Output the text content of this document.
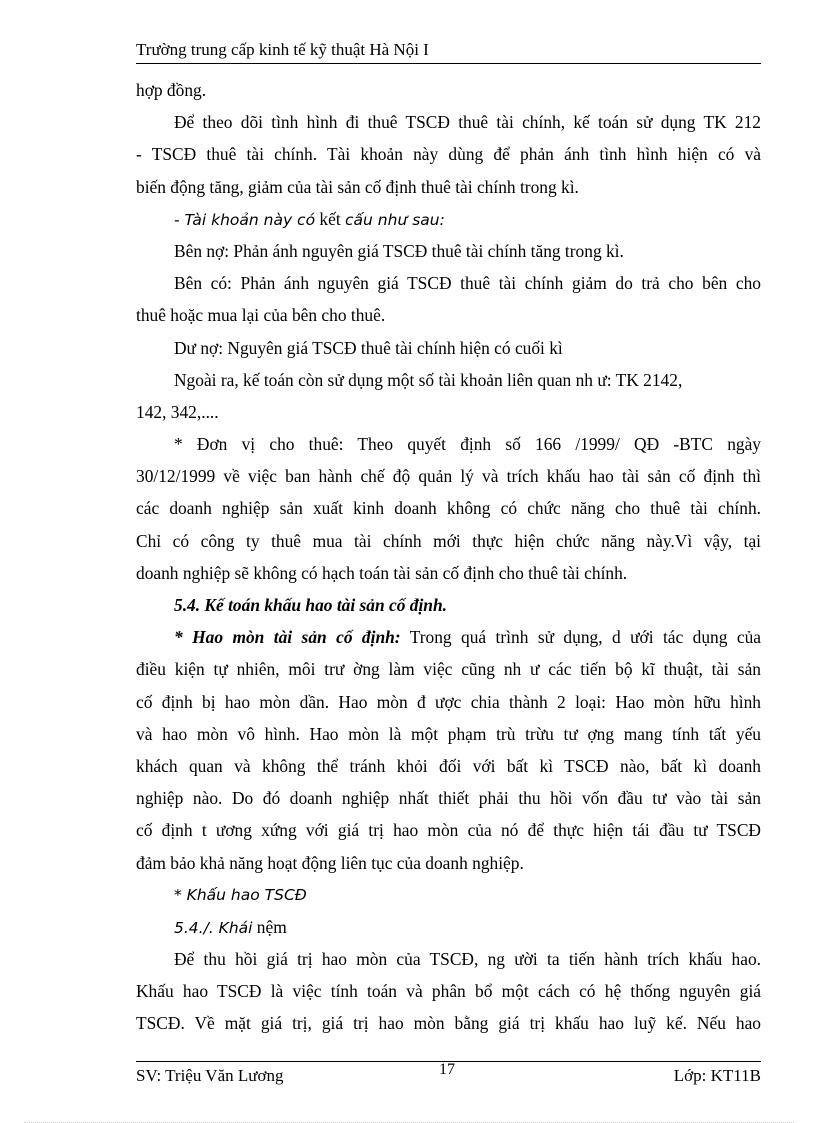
Trường trung cấp kinh tế kỹ thuật Hà Nội I
hợp đồng.
Để theo dõi tình hình đi thuê TSCĐ thuê tài chính, kế toán sử dụng TK 212
- TSCĐ thuê tài chính. Tài khoản này dùng để phản ánh tình hình hiện có và
biến động tăng, giảm của tài sản cố định thuê tài chính trong kì.
- Tài khoản này có kết cấu như sau:
Bên nợ: Phản ánh nguyên giá TSCĐ thuê tài chính tăng trong kì.
Bên có: Phản ánh nguyên giá TSCĐ thuê tài chính giảm do trả cho bên cho
thuê hoặc mua lại của bên cho thuê.
Dư nợ: Nguyên giá TSCĐ thuê tài chính hiện có cuối kì
Ngoài ra, kế toán còn sử dụng một số tài khoản liên quan nh ư: TK 2142,
142, 342,....
* Đơn vị cho thuê: Theo quyết định số 166 /1999/ QĐ -BTC ngày
30/12/1999 về việc ban hành chế độ quản lý và trích khấu hao tài sản cố định thì
các doanh nghiệp sản xuất kinh doanh không có chức năng cho thuê tài chính.
Chỉ có công ty thuê mua tài chính mới thực hiện chức năng này.Vì vậy, tại
doanh nghiệp sẽ không có hạch toán tài sản cố định cho thuê tài chính.
5.4. Kế toán khấu hao tài sản cố định.
* Hao mòn tài sản cố định: Trong quá trình sử dụng, d ưới tác dụng của
điều kiện tự nhiên, môi trư ờng làm việc cũng nh ư các tiến bộ kĩ thuật, tài sản
cố định bị hao mòn dần. Hao mòn đ ược chia thành 2 loại: Hao mòn hữu hình
và hao mòn vô hình. Hao mòn là một phạm trù trừu tư ợng mang tính tất yếu
khách quan và không thể tránh khỏi đối với bất kì TSCĐ nào, bất kì doanh
nghiệp nào. Do đó doanh nghiệp nhất thiết phải thu hồi vốn đầu tư vào tài sản
cố định t ương xứng với giá trị hao mòn của nó để thực hiện tái đầu tư TSCĐ
đảm bảo khả năng hoạt động liên tục của doanh nghiệp.
* Khấu hao TSCĐ
5.4./. Khái nệm
Để thu hồi giá trị hao mòn của TSCĐ, ng ười ta tiến hành trích khấu hao.
Khấu hao TSCĐ là việc tính toán và phân bổ một cách có hệ thống nguyên giá
TSCĐ. Về mặt giá trị, giá trị hao mòn bằng giá trị khấu hao luỹ kế. Nếu hao
SV: Triệu Văn Lương	17	Lớp: KT11B
